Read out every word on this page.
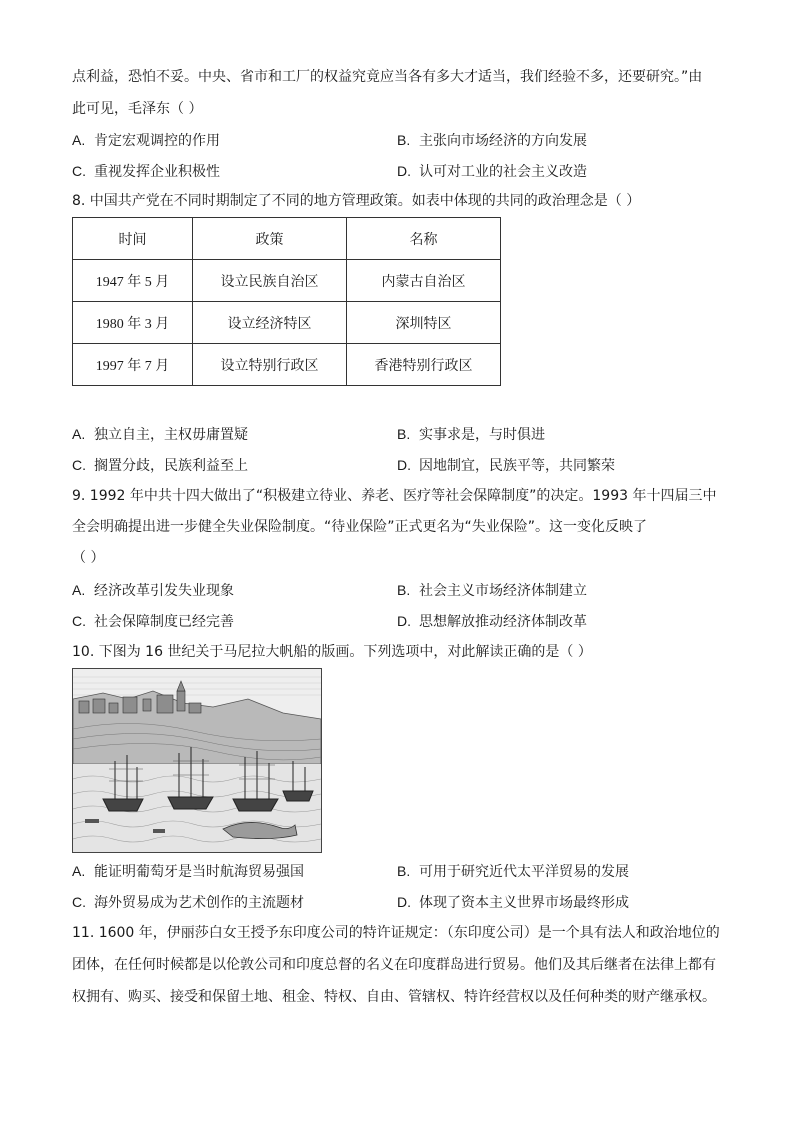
点利益，恐怕不妥。中央、省市和工厂的权益究竟应当各有多大才适当，我们经验不多，还要研究。”由
此可见，毛泽东（ ）
A. 肯定宏观调控的作用	B. 主张向市场经济的方向发展
C. 重视发挥企业积极性	D. 认可对工业的社会主义改造
8. 中国共产党在不同时期制定了不同的地方管理政策。如表中体现的共同的政治理念是（ ）
时间	政策	名称
1947 年 5 月	设立民族自治区	内蒙古自治区
1980 年 3 月	设立经济特区	深圳特区
1997 年 7 月	设立特别行政区	香港特别行政区
A. 独立自主，主权毋庸置疑	B. 实事求是，与时俱进
C. 搁置分歧，民族利益至上	D. 因地制宜，民族平等，共同繁荣
9. 1992 年中共十四大做出了“积极建立待业、养老、医疗等社会保障制度”的决定。1993 年十四届三中
全会明确提出进一步健全失业保险制度。“待业保险”正式更名为“失业保险”。这一变化反映了
（ ）
A. 经济改革引发失业现象	B. 社会主义市场经济体制建立
C. 社会保障制度已经完善	D. 思想解放推动经济体制改革
10. 下图为 16 世纪关于马尼拉大帆船的版画。下列选项中，对此解读正确的是（ ）
A. 能证明葡萄牙是当时航海贸易强国	B. 可用于研究近代太平洋贸易的发展
C. 海外贸易成为艺术创作的主流题材	D. 体现了资本主义世界市场最终形成
11. 1600 年，伊丽莎白女王授予东印度公司的特许证规定：（东印度公司）是一个具有法人和政治地位的
团体，在任何时候都是以伦敦公司和印度总督的名义在印度群岛进行贸易。他们及其后继者在法律上都有
权拥有、购买、接受和保留土地、租金、特权、自由、管辖权、特许经营权以及任何种类的财产继承权。
